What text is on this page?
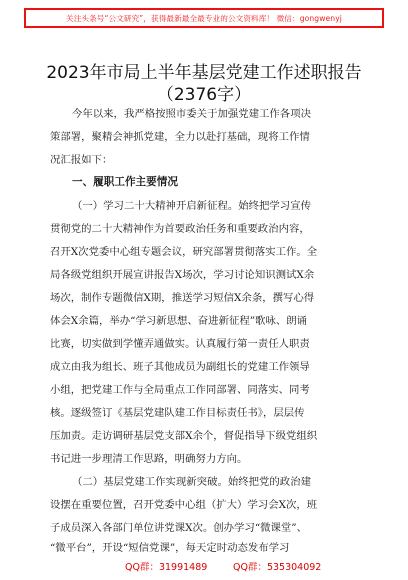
关注头条号“公文研究”，获得最新最全最专业的公文资料库！ 微信：gongwenyj
2023年市局上半年基层党建工作述职报告
（2376字）
今年以来，我严格按照市委关于加强党建工作各项决
策部署，聚精会神抓党建，全力以赴打基础，现将工作情
况汇报如下：
一、履职工作主要情况
（一）学习二十大精神开启新征程。始终把学习宣传
贯彻党的二十大精神作为首要政治任务和重要政治内容，
召开X次党委中心组专题会议，研究部署贯彻落实工作。全
局各级党组织开展宣讲报告X场次，学习讨论知识测试X余
场次，制作专题微信X期，推送学习短信X余条，撰写心得
体会X余篇，举办“学习新思想、奋进新征程”歌咏、朗诵
比赛，切实做到学懂弄通做实。认真履行第一责任人职责
成立由我为组长、班子其他成员为副组长的党建工作领导
小组，把党建工作与全局重点工作同部署、同落实、同考
核。逐级签订《基层党建队建工作目标责任书》，层层传
压加责。走访调研基层党支部X余个，督促指导下级党组织
书记进一步理清工作思路，明确努力方向。
（二）基层党建工作实现新突破。始终把党的政治建
设摆在重要位置，召开党委中心组（扩大）学习会X次，班
子成员深入各部门单位讲党课X次。创办学习“微课堂”、
“微平台”，开设“短信党课”，每天定时动态发布学习
QQ群：31991489	QQ群：535304092
